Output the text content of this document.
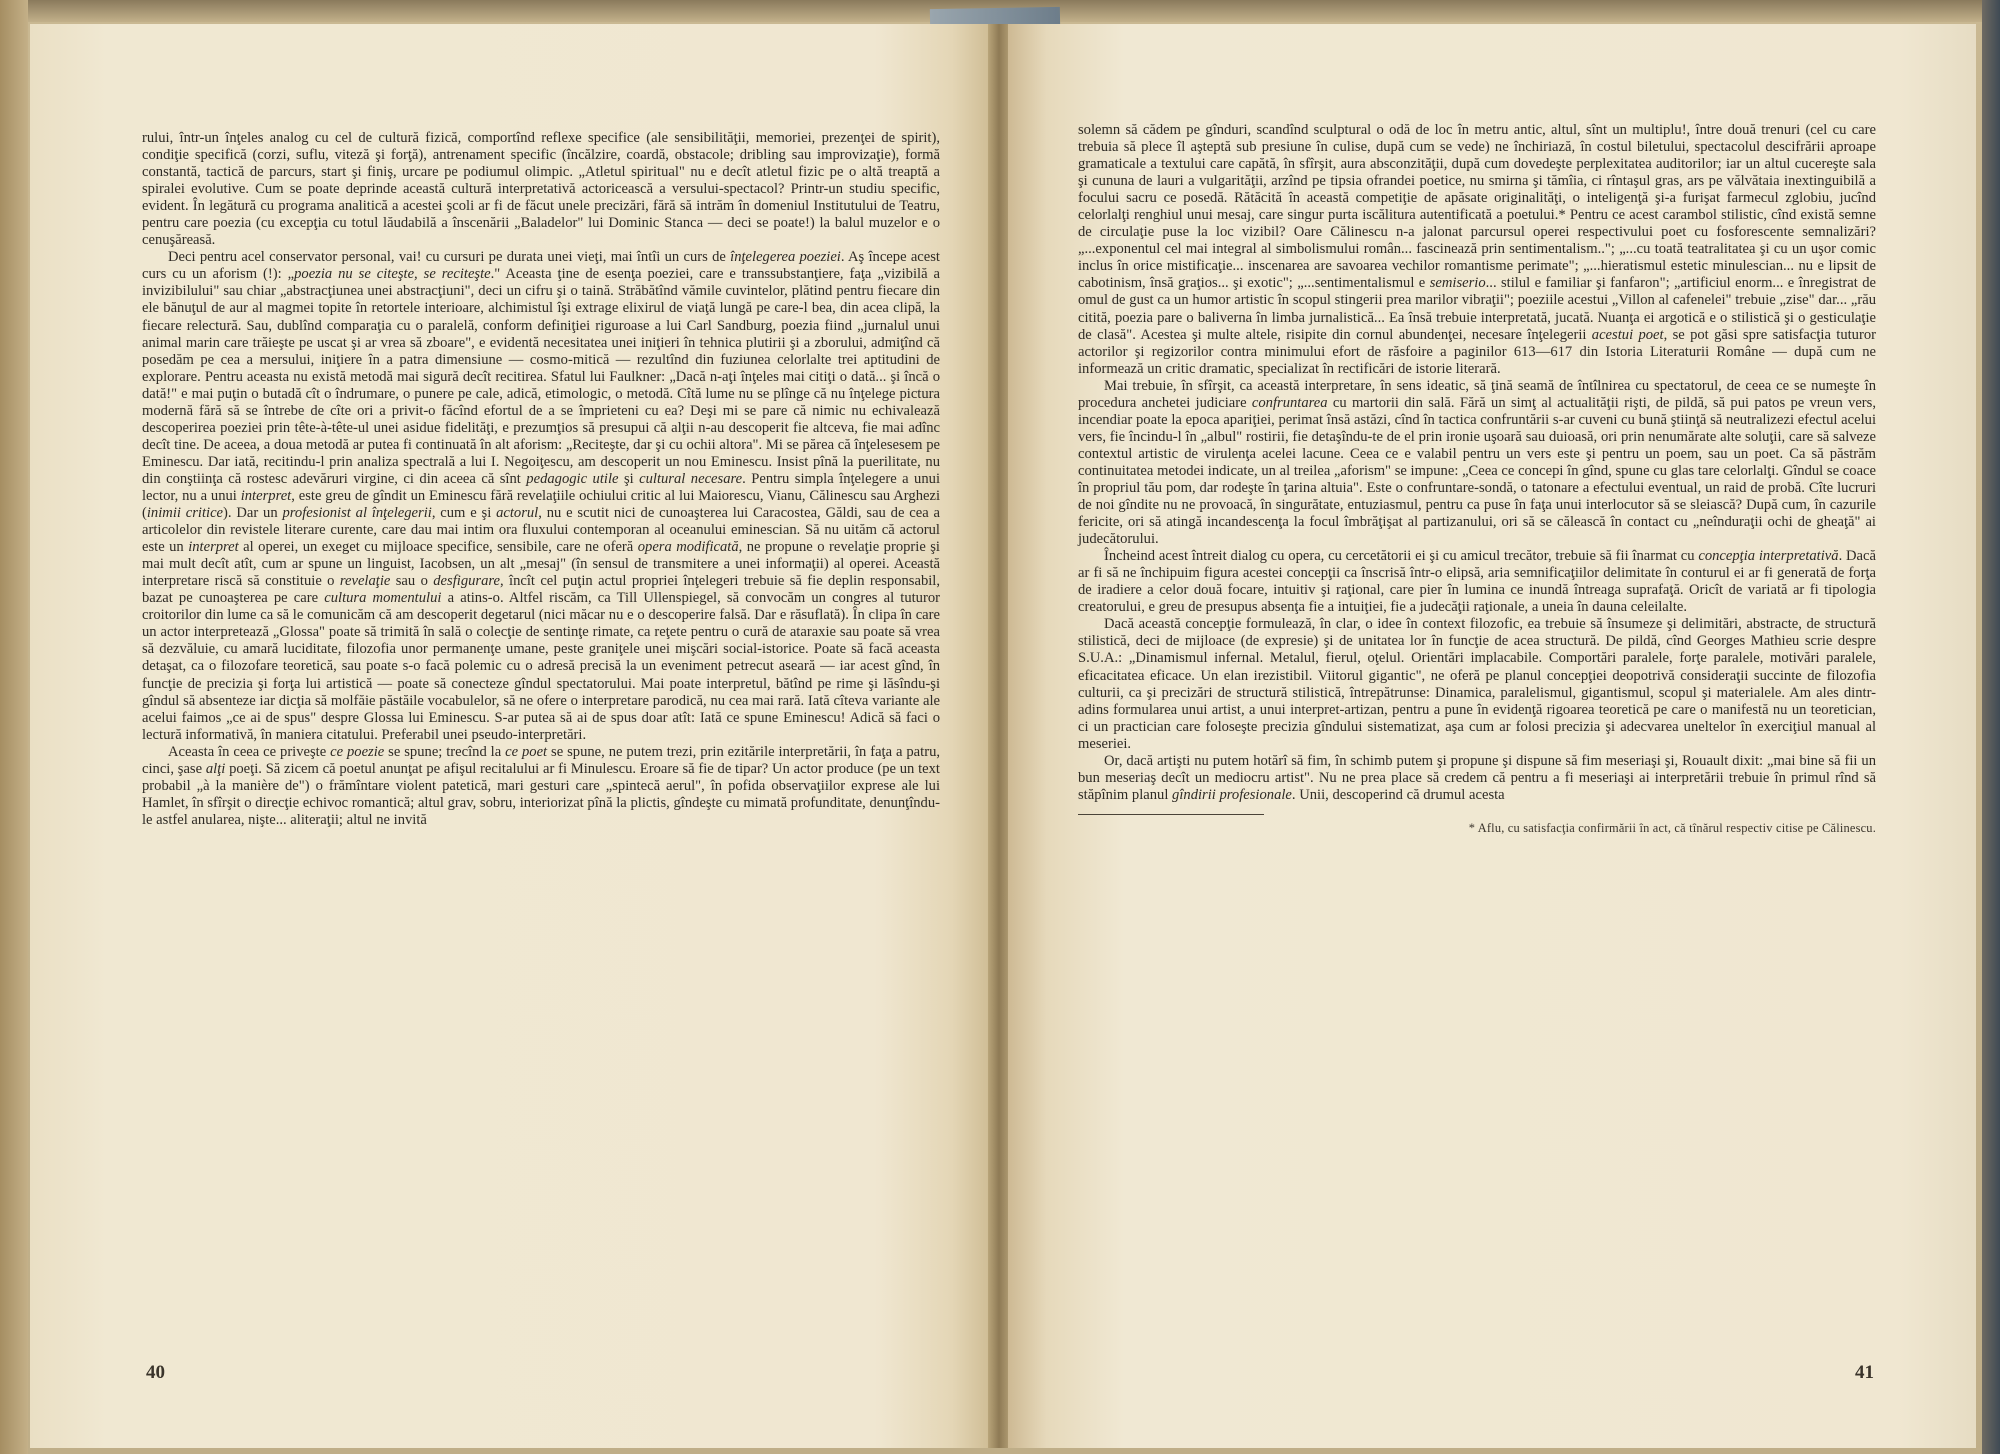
rului, într-un înţeles analog cu cel de cultură fizică, comportînd reflexe specifice (ale sensibilităţii, memoriei, prezenţei de spirit), condiţie specifică (corzi, suflu, viteză şi forţă), antrenament specific (încălzire, coardă, obstacole; dribling sau improvizaţie), formă constantă, tactică de parcurs, start şi finiş, urcare pe podiumul olimpic. „Atletul spiritual" nu e decît atletul fizic pe o altă treaptă a spiralei evolutive. Cum se poate deprinde această cultură interpretativă actoricească a versului-spectacol? Printr-un studiu specific, evident. În legătură cu programa analitică a acestei şcoli ar fi de făcut unele precizări, fără să intrăm în domeniul Institutului de Teatru, pentru care poezia (cu excepţia cu totul lăudabilă a înscenării „Baladelor" lui Dominic Stanca — deci se poate!) la balul muzelor e o cenuşăreasă.

Deci pentru acel conservator personal, vai! cu cursuri pe durata unei vieţi, mai întîi un curs de înţelegerea poeziei. Aş începe acest curs cu un aforism (!): „poezia nu se citeşte, se reciteşte." Aceasta ţine de esenţa poeziei, care e transsubstanţiere, faţa „vizibilă a invizibilului" sau chiar „abstracţiunea unei abstracţiuni", deci un cifru şi o taină. Străbătînd vămile cuvintelor, plătind pentru fiecare din ele bănuţul de aur al magmei topite în retortele interioare, alchimistul îşi extrage elixirul de viaţă lungă pe care-l bea, din acea clipă, la fiecare relectură. Sau, dublînd comparaţia cu o paralelă, conform definiţiei riguroase a lui Carl Sandburg, poezia fiind „jurnalul unui animal marin care trăieşte pe uscat şi ar vrea să zboare", e evidentă necesitatea unei iniţieri în tehnica plutirii şi a zborului, admiţînd că posedăm pe cea a mersului, iniţiere în a patra dimensiune — cosmo-mitică — rezultînd din fuziunea celorlalte trei aptitudini de explorare. Pentru aceasta nu există metodă mai sigură decît recitirea. Sfatul lui Faulkner: „Dacă n-aţi înţeles mai citiţi o dată... şi încă o dată!" e mai puţin o butadă cît o îndrumare, o punere pe cale, adică, etimologic, o metodă. Cîtă lume nu se plînge că nu înţelege pictura modernă fără să se întrebe de cîte ori a privit-o făcînd efortul de a se împrieteni cu ea? Deşi mi se pare că nimic nu echivalează descoperirea poeziei prin tête-à-tête-ul unei asidue fidelităţi, e prezumţios să presupui că alţii n-au descoperit fie altceva, fie mai adînc decît tine. De aceea, a doua metodă ar putea fi continuată în alt aforism: „Reciteşte, dar şi cu ochii altora". Mi se părea că înţelesesem pe Eminescu. Dar iată, recitindu-l prin analiza spectrală a lui I. Negoiţescu, am descoperit un nou Eminescu. Insist pînă la puerilitate, nu din conştiinţa că rostesc adevăruri virgine, ci din aceea că sînt pedagogic utile şi cultural necesare. Pentru simpla înţelegere a unui lector, nu a unui interpret, este greu de gîndit un Eminescu fără revelaţiile ochiului critic al lui Maiorescu, Vianu, Călinescu sau Arghezi (inimii critice). Dar un profesionist al înţelegerii, cum e şi actorul, nu e scutit nici de cunoaşterea lui Caracostea, Găldi, sau de cea a articolelor din revistele literare curente, care dau mai intim ora fluxului contemporan al oceanului eminescian. Să nu uităm că actorul este un interpret al operei, un exeget cu mijloace specifice, sensibile, care ne oferă opera modificată, ne propune o revelaţie proprie şi mai mult decît atît, cum ar spune un linguist, Iacobsen, un alt „mesaj" (în sensul de transmitere a unei informaţii) al operei. Această interpretare riscă să constituie o revelaţie sau o desfigurare, încît cel puţin actul propriei înţelegeri trebuie să fie deplin responsabil, bazat pe cunoaşterea pe care cultura momentului a atins-o. Altfel riscăm, ca Till Ullenspiegel, să convocăm un congres al tuturor croitorilor din lume ca să le comunicăm că am descoperit degetarul (nici măcar nu e o descoperire falsă. Dar e răsuflată). În clipa în care un actor interpretează „Glossa" poate să trimită în sală o colecţie de sentinţe rimate, ca reţete pentru o cură de ataraxie sau poate să vrea să dezvăluie, cu amară luciditate, filozofia unor permanenţe umane, peste graniţele unei mişcări social-istorice. Poate să facă aceasta detaşat, ca o filozofare teoretică, sau poate s-o facă polemic cu o adresă precisă la un eveniment petrecut aseară — iar acest gînd, în funcţie de precizia şi forţa lui artistică — poate să conecteze gîndul spectatorului. Mai poate interpretul, bătînd pe rime şi lăsîndu-şi gîndul să absenteze iar dicţia să molfăie păstăile vocabulelor, să ne ofere o interpretare parodică, nu cea mai rară. Iată cîteva variante ale acelui faimos „ce ai de spus" despre Glossa lui Eminescu. S-ar putea să ai de spus doar atît: Iată ce spune Eminescu! Adică să faci o lectură informativă, în maniera citatului. Preferabil unei pseudo-interpretări.

Aceasta în ceea ce priveşte ce poezie se spune; trecînd la ce poet se spune, ne putem trezi, prin ezitările interpretării, în faţa a patru, cinci, şase alţi poeţi. Să zicem că poetul anunţat pe afişul recitalului ar fi Minulescu. Eroare să fie de tipar? Un actor produce (pe un text probabil „à la manière de") o frămîntare violent patetică, mari gesturi care „spintecă aerul", în pofida observaţiilor exprese ale lui Hamlet, în sfîrşit o direcţie echivoc romantică; altul grav, sobru, interiorizat pînă la plictis, gîndeşte cu mimată profunditate, denunţîndu-le astfel anularea, nişte... aliteraţii; altul ne invită

40

solemn să cădem pe gînduri, scandînd sculptural o odă de loc în metru antic, altul, sînt un multiplu!, între două trenuri (cel cu care trebuia să plece îl aşteptă sub presiune în culise, după cum se vede) ne închiriază, în costul biletului, spectacolul descifrării aproape gramaticale a textului care capătă, în sfîrşit, aura absconzităţii, după cum dovedeşte perplexitatea auditorilor; iar un altul cucereşte sala şi cununa de lauri a vulgarităţii, arzînd pe tipsia ofrandei poetice, nu smirna şi tămîia, ci rîntaşul gras, ars pe vălvătaia inextinguibilă a focului sacru ce posedă. Rătăcită în această competiţie de apăsate originalităţi, o inteligenţă şi-a furişat farmecul zglobiu, jucînd celorlalţi renghiul unui mesaj, care singur purta iscălitura autentificată a poetului.* Pentru ce acest carambol stilistic, cînd există semne de circulaţie puse la loc vizibil? Oare Călinescu n-a jalonat parcursul operei respectivului poet cu fosforescente semnalizări? „...exponentul cel mai integral al simbolismului român... fascinează prin sentimentalism.."; „...cu toată teatralitatea şi cu un uşor comic inclus în orice mistificaţie... inscenarea are savoarea vechilor romantisme perimate"; „...hieratismul estetic minulescian... nu e lipsit de cabotinism, însă graţios... şi exotic"; „...sentimentalismul e semiserio... stilul e familiar şi fanfaron"; „artificiul enorm... e înregistrat de omul de gust ca un humor artistic în scopul stingerii prea marilor vibraţii"; poeziile acestui „Villon al cafenelei" trebuie „zise" dar... „rău citită, poezia pare o baliverna în limba jurnalistică... Ea însă trebuie interpretată, jucată. Nuanţa ei argotică e o stilistică şi o gesticulaţie de clasă". Acestea şi multe altele, risipite din cornul abundenţei, necesare înţelegerii acestui poet, se pot găsi spre satisfacţia tuturor actorilor şi regizorilor contra minimului efort de răsfoire a paginilor 613—617 din Istoria Literaturii Române — după cum ne informează un critic dramatic, specializat în rectificări de istorie literară.

Mai trebuie, în sfîrşit, ca această interpretare, în sens ideatic, să ţină seamă de întîlnirea cu spectatorul, de ceea ce se numeşte în procedura anchetei judiciare confruntarea cu martorii din sală. Fără un simţ al actualităţii rişti, de pildă, să pui patos pe vreun vers, incendiar poate la epoca apariţiei, perimat însă astăzi, cînd în tactica confruntării s-ar cuveni cu bună ştiinţă să neutralizezi efectul acelui vers, fie încindu-l în „albul" rostirii, fie detaşîndu-te de el prin ironie uşoară sau duioasă, ori prin nenumărate alte soluţii, care să salveze contextul artistic de virulenţa acelei lacune. Ceea ce e valabil pentru un vers este şi pentru un poem, sau un poet. Ca să păstrăm continuitatea metodei indicate, un al treilea „aforism" se impune: „Ceea ce concepi în gînd, spune cu glas tare celorlalţi. Gîndul se coace în propriul tău pom, dar rodeşte în ţarina altuia". Este o confruntare-sondă, o tatonare a efectului eventual, un raid de probă. Cîte lucruri de noi gîndite nu ne provoacă, în singurătate, entuziasmul, pentru ca puse în faţa unui interlocutor să se sleiască? După cum, în cazurile fericite, ori să atingă incandescenţa la focul îmbrăţişat al partizanului, ori să se călească în contact cu „neînduraţii ochi de gheaţă" ai judecătorului.

Încheind acest întreit dialog cu opera, cu cercetătorii ei şi cu amicul trecător, trebuie să fii înarmat cu concepţia interpretativă. Dacă ar fi să ne închipuim figura acestei concepţii ca înscrisă într-o elipsă, aria semnificaţiilor delimitate în conturul ei ar fi generată de forţa de iradiere a celor două focare, intuitiv şi raţional, care pier în lumina ce inundă întreaga suprafaţă. Oricît de variată ar fi tipologia creatorului, e greu de presupus absenţa fie a intuiţiei, fie a judecăţii raţionale, a uneia în dauna celeilalte.

Dacă această concepţie formulează, în clar, o idee în context filozofic, ea trebuie să însumeze şi delimitări, abstracte, de structură stilistică, deci de mijloace (de expresie) şi de unitatea lor în funcţie de acea structură. De pildă, cînd Georges Mathieu scrie despre S.U.A.: „Dinamismul infernal. Metalul, fierul, oţelul. Orientări implacabile. Comportări paralele, forţe paralele, motivări paralele, eficacitatea eficace. Un elan irezistibil. Viitorul gigantic", ne oferă pe planul concepţiei deopotrivă consideraţii succinte de filozofia culturii, ca şi precizări de structură stilistică, întrepătrunse: Dinamica, paralelismul, gigantismul, scopul şi materialele. Am ales dintr-adins formularea unui artist, a unui interpret-artizan, pentru a pune în evidenţă rigoarea teoretică pe care o manifestă nu un teoretician, ci un practician care foloseşte precizia gîndului sistematizat, aşa cum ar folosi precizia şi adecvarea uneltelor în exerciţiul manual al meseriei.

Or, dacă artişti nu putem hotărî să fim, în schimb putem şi propune şi dispune să fim meseriaşi şi, Rouault dixit: „mai bine să fii un bun meseriaş decît un mediocru artist". Nu ne prea place să credem că pentru a fi meseriaşi ai interpretării trebuie în primul rînd să stăpînim planul gîndirii profesionale. Unii, descoperind că drumul acesta

* Aflu, cu satisfacţia confirmării în act, că tînărul respectiv citise pe Călinescu.
41
